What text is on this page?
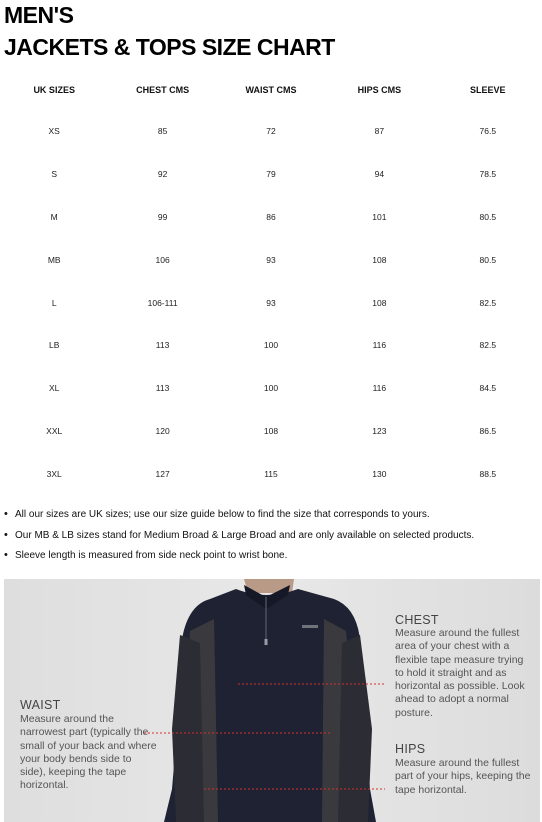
MEN'S
JACKETS & TOPS SIZE CHART
UK SIZES	CHEST CMS	WAIST CMS	HIPS CMS	SLEEVE
XS	85	72	87	76.5
S	92	79	94	78.5
M	99	86	101	80.5
MB	106	93	108	80.5
L	106-111	93	108	82.5
LB	113	100	116	82.5
XL	113	100	116	84.5
XXL	120	108	123	86.5
3XL	127	115	130	88.5
• All our sizes are UK sizes; use our size guide below to find the size that corresponds to yours.
• Our MB & LB sizes stand for Medium Broad & Large Broad and are only available on selected products.
• Sleeve length is measured from side neck point to wrist bone.
CHEST
Measure around the fullest area of your chest with a flexible tape measure trying to hold it straight and as horizontal as possible. Look ahead to adopt a normal posture.
WAIST
Measure around the narrowest part (typically the small of your back and where your body bends side to side), keeping the tape horizontal.
HIPS
Measure around the fullest part of your hips, keeping the tape horizontal.
